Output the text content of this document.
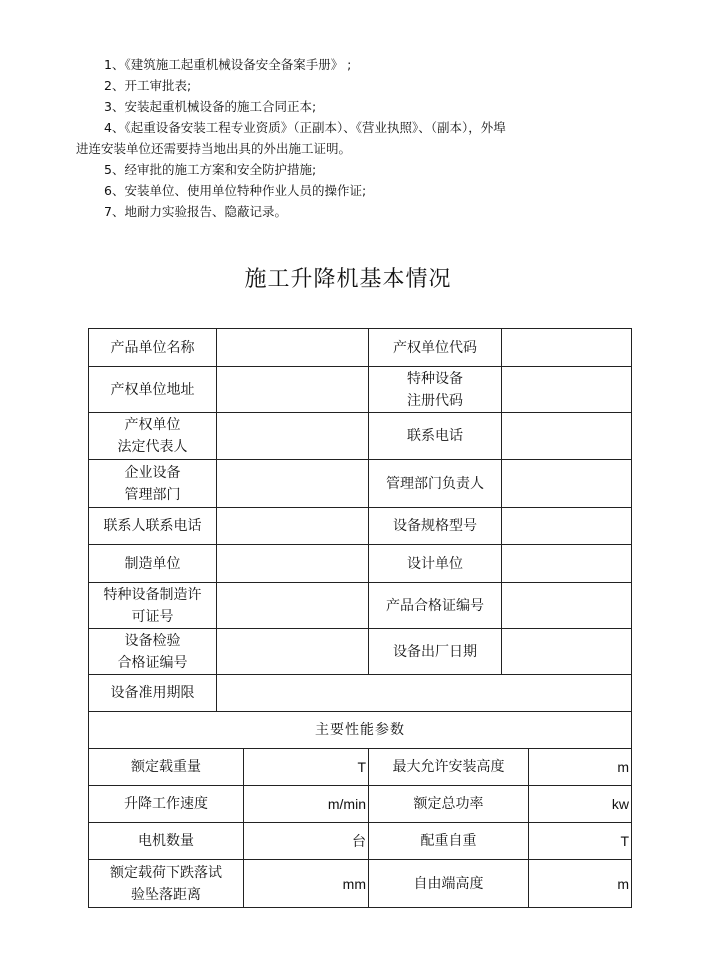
1、《建筑施工起重机械设备安全备案手册》 ;
2、开工审批表;
3、安装起重机械设备的施工合同正本;
4、《起重设备安装工程专业资质》（正副本）、《营业执照》、（副本），外埠
进连安装单位还需要持当地出具的外出施工证明。
5、经审批的施工方案和安全防护措施;
6、安装单位、使用单位特种作业人员的操作证;
7、地耐力实验报告、隐蔽记录。
施工升降机基本情况
产品单位名称			产权单位代码		
产权单位地址			特种设备
注册代码		
产权单位
法定代表人			联系电话		
企业设备
管理部门			管理部门负责人		
联系人联系电话			设备规格型号		
制造单位			设计单位		
特种设备制造许
可证号			产品合格证编号		
设备检验
合格证编号			设备出厂日期		
设备准用期限					
主要性能参数					
额定载重量		T	最大允许安装高度		m
升降工作速度		m/min	额定总功率		kw
电机数量		台	配重自重		T
额定载荷下跌落试
验坠落距离		mm	自由端高度		m
